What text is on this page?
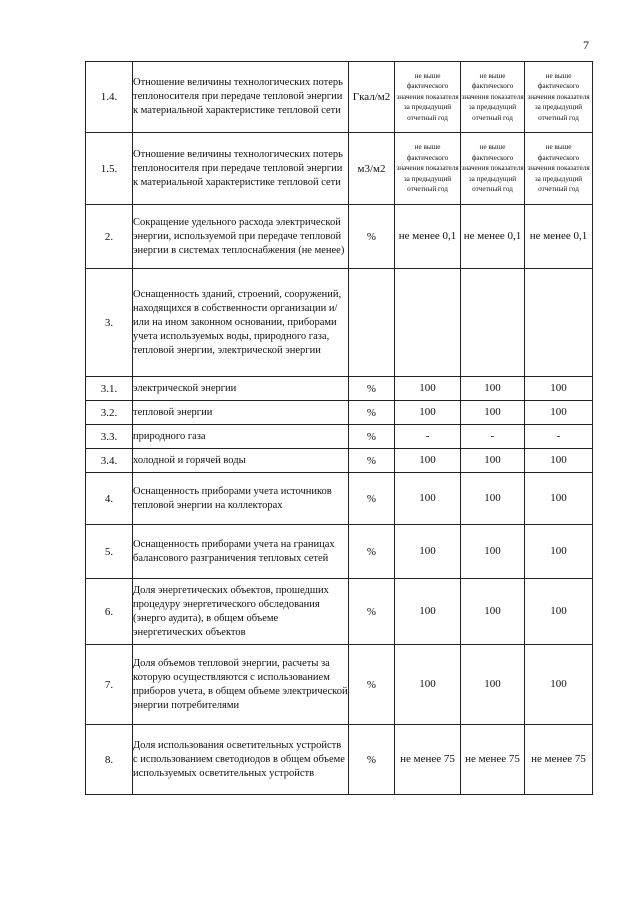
7
1.4.	Отношение величины технологических потерь теплоносителя при передаче тепловой энергии к материальной характеристике тепловой сети	Гкал/м2	не выше фактического значения показателя за предыдущий отчетный год	не выше фактического значения показателя за предыдущий отчетный год	не выше фактического значения показателя за предыдущий отчетный год
1.5.	Отношение величины технологических потерь теплоносителя при передаче тепловой энергии к материальной характеристике тепловой сети	м3/м2	не выше фактического значения показателя за предыдущий отчетный год	не выше фактического значения показателя за предыдущий отчетный год	не выше фактического значения показателя за предыдущий отчетный год
2.	Сокращение удельного расхода электрической энергии, используемой при передаче тепловой энергии в системах теплоснабжения (не менее)	%	не менее 0,1	не менее 0,1	не менее 0,1
3.	Оснащенность зданий, строений, сооружений, находящихся в собственности организации и/или на ином законном основании, приборами учета используемых воды, природного газа, тепловой энергии, электрической энергии				
3.1.	электрической энергии	%	100	100	100
3.2.	тепловой энергии	%	100	100	100
3.3.	природного газа	%	-	-	-
3.4.	холодной и горячей воды	%	100	100	100
4.	Оснащенность приборами учета источников тепловой энергии на коллекторах	%	100	100	100
5.	Оснащенность приборами учета на границах балансового разграничения тепловых сетей	%	100	100	100
6.	Доля энергетических объектов, прошедших процедуру энергетического обследования (энерго аудита), в общем объеме энергетических объектов	%	100	100	100
7.	Доля объемов тепловой энергии, расчеты за которую осуществляются с использованием приборов учета, в общем объеме электрической энергии потребителями	%	100	100	100
8.	Доля использования осветительных устройств с использованием светодиодов в общем объеме используемых осветительных устройств	%	не менее 75	не менее 75	не менее 75
